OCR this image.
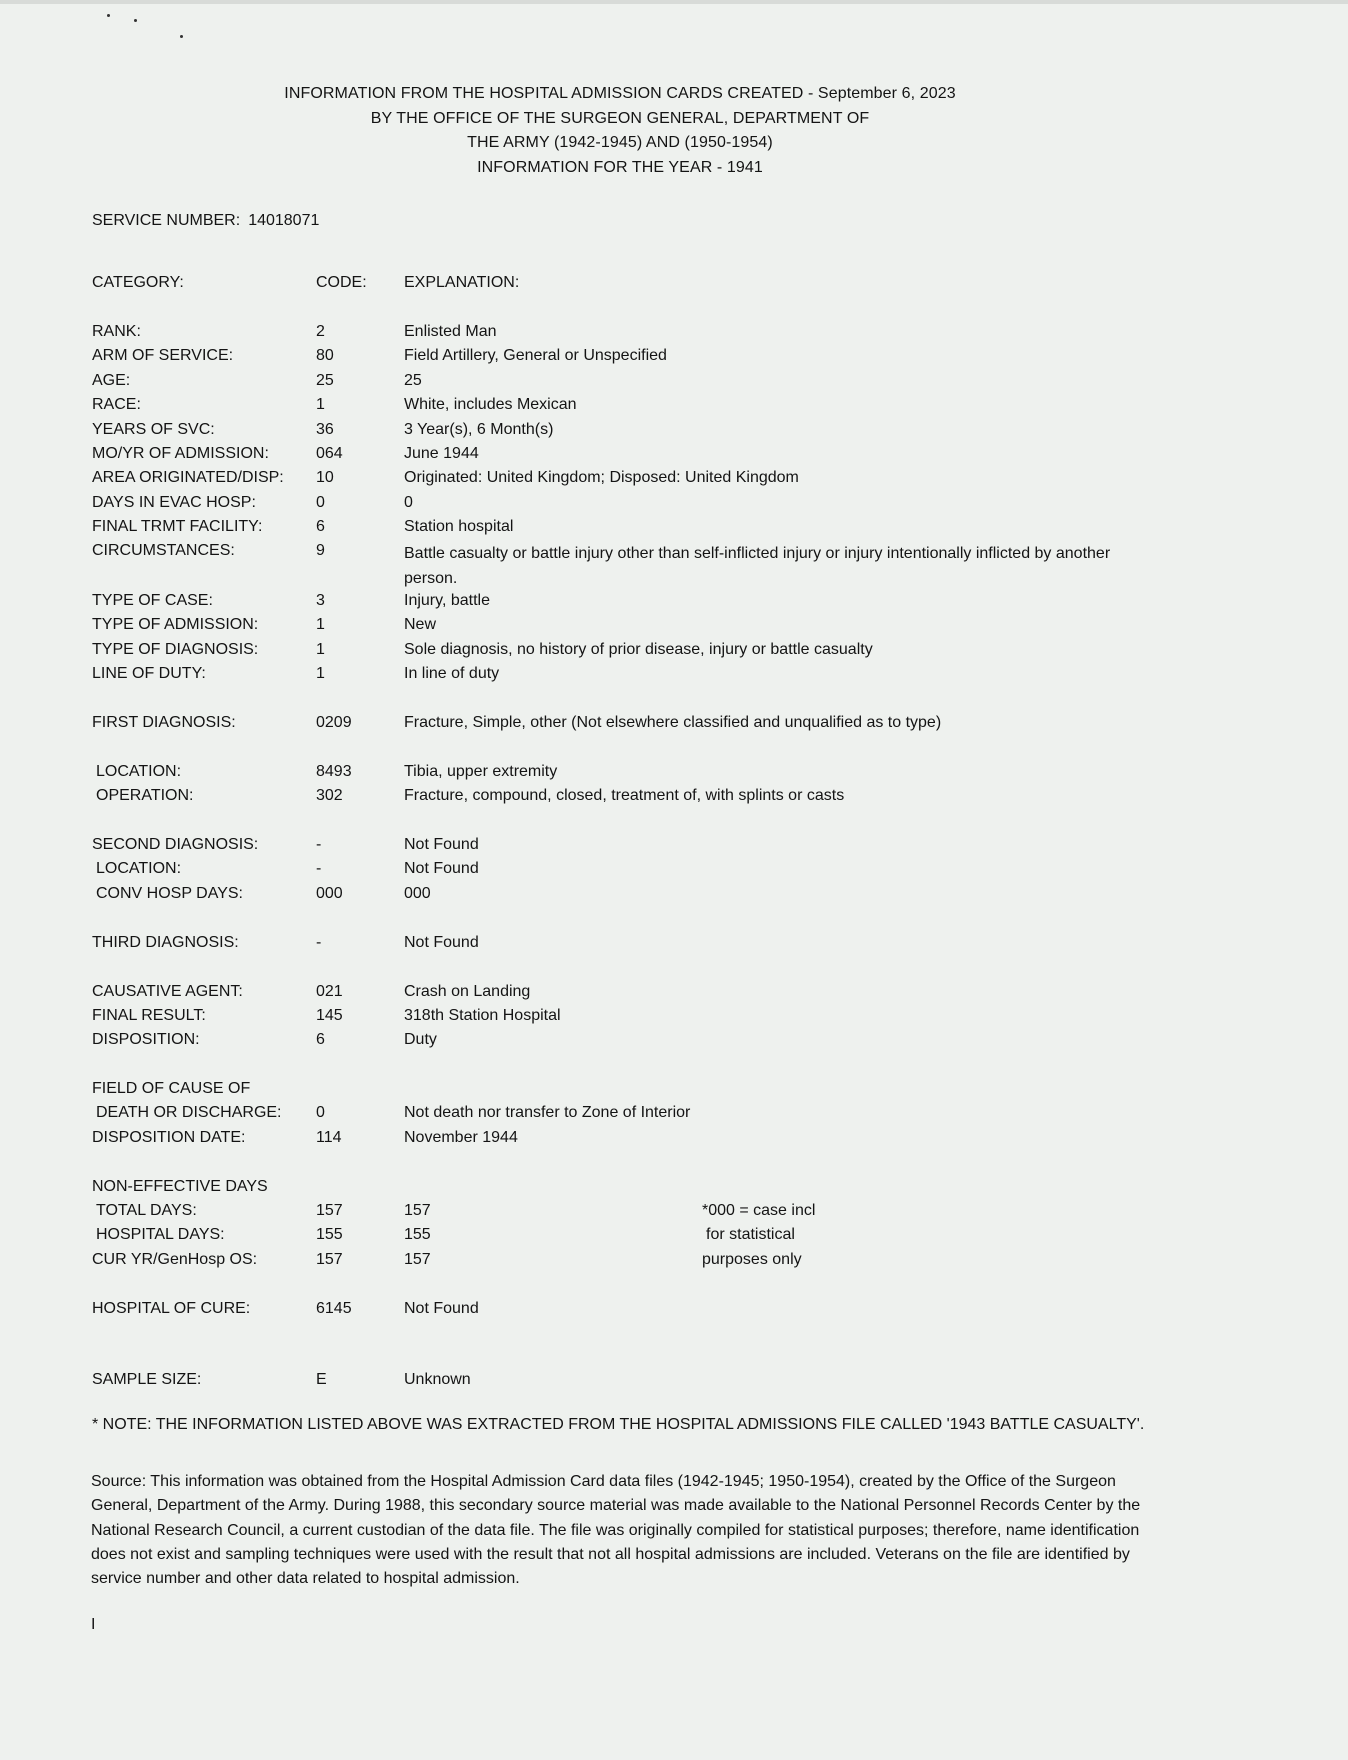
INFORMATION FROM THE HOSPITAL ADMISSION CARDS CREATED - September 6, 2023
BY THE OFFICE OF THE SURGEON GENERAL, DEPARTMENT OF
THE ARMY (1942-1945) AND (1950-1954)
INFORMATION FOR THE YEAR - 1941
SERVICE NUMBER: 14018071
CATEGORY:	CODE: EXPLANATION:
RANK:	2	Enlisted Man
ARM OF SERVICE:	80	Field Artillery, General or Unspecified
AGE:	25	25
RACE:	1	White, includes Mexican
YEARS OF SVC:	36	3 Year(s), 6 Month(s)
MO/YR OF ADMISSION:	064	June 1944
AREA ORIGINATED/DISP: 10	Originated: United Kingdom; Disposed: United Kingdom
DAYS IN EVAC HOSP:	0	0
FINAL TRMT FACILITY:	6	Station hospital
CIRCUMSTANCES:	9	Battle casualty or battle injury other than self-inflicted injury or injury intentionally inflicted by another person.
TYPE OF CASE:	3	Injury, battle
TYPE OF ADMISSION:	1	New
TYPE OF DIAGNOSIS:	1	Sole diagnosis, no history of prior disease, injury or battle casualty
LINE OF DUTY:	1	In line of duty
FIRST DIAGNOSIS:	0209	Fracture, Simple, other (Not elsewhere classified and unqualified as to type)
LOCATION:	8493	Tibia, upper extremity
OPERATION:	302	Fracture, compound, closed, treatment of, with splints or casts
SECOND DIAGNOSIS:	-	Not Found
LOCATION:	-	Not Found
CONV HOSP DAYS:	000	000
THIRD DIAGNOSIS:	-	Not Found
CAUSATIVE AGENT:	021	Crash on Landing
FINAL RESULT:	145	318th Station Hospital
DISPOSITION:	6	Duty
FIELD OF CAUSE OF
DEATH OR DISCHARGE: 0	Not death nor transfer to Zone of Interior
DISPOSITION DATE:	114	November 1944
NON-EFFECTIVE DAYS
TOTAL DAYS:	157	157	*000 = case incl
HOSPITAL DAYS:	155	155	for statistical
CUR YR/GenHosp OS:	157	157	purposes only
HOSPITAL OF CURE:	6145	Not Found
SAMPLE SIZE:	E	Unknown
* NOTE: THE INFORMATION LISTED ABOVE WAS EXTRACTED FROM THE HOSPITAL ADMISSIONS FILE CALLED '1943 BATTLE CASUALTY'.
Source: This information was obtained from the Hospital Admission Card data files (1942-1945; 1950-1954), created by the Office of the Surgeon General, Department of the Army. During 1988, this secondary source material was made available to the National Personnel Records Center by the National Research Council, a current custodian of the data file. The file was originally compiled for statistical purposes; therefore, name identification does not exist and sampling techniques were used with the result that not all hospital admissions are included. Veterans on the file are identified by service number and other data related to hospital admission.
I
